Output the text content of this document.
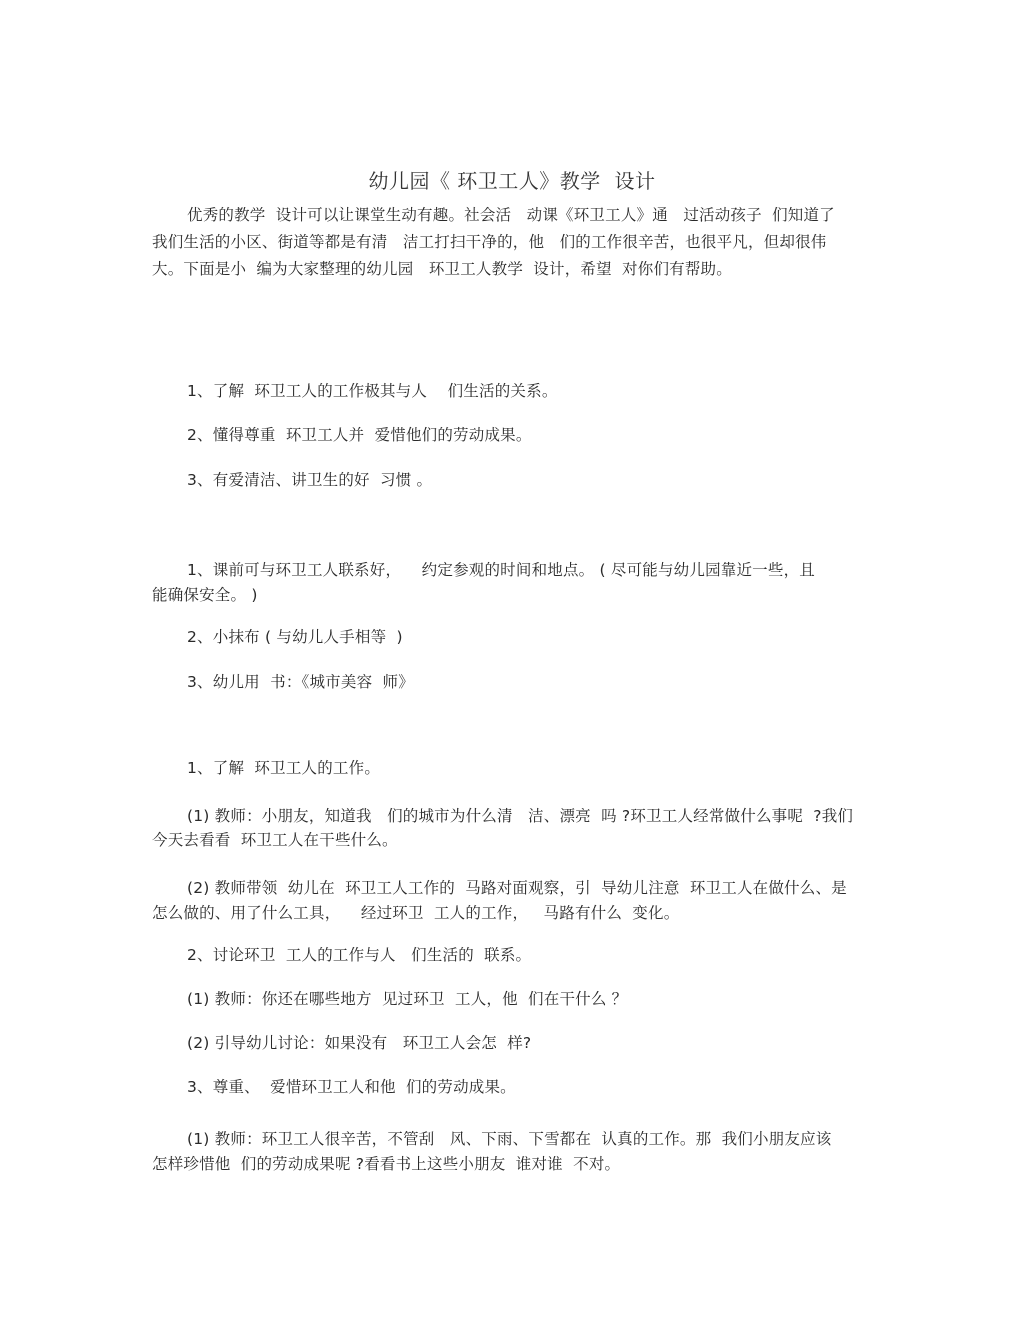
幼儿园《 环卫工人》教学  设计
优秀的教学  设计可以让课堂生动有趣。社会活   动课《环卫工人》通   过活动孩子  们知道了
我们生活的小区、街道等都是有清   洁工打扫干净的，他   们的工作很辛苦，也很平凡，但却很伟
大。下面是小  编为大家整理的幼儿园   环卫工人教学  设计，希望  对你们有帮助。
1、了解  环卫工人的工作极其与人    们生活的关系。
2、懂得尊重  环卫工人并  爱惜他们的劳动成果。
3、有爱清洁、讲卫生的好  习惯 。
1、课前可与环卫工人联系好，    约定参观的时间和地点。 ( 尽可能与幼儿园靠近一些，且
能确保安全。 )
2、小抹布 ( 与幼儿人手相等  )
3、幼儿用  书：《城市美容  师》
1、了解  环卫工人的工作。
(1) 教师：小朋友，知道我   们的城市为什么清   洁、漂亮  吗 ?环卫工人经常做什么事呢  ?我们
今天去看看  环卫工人在干些什么。
(2) 教师带领  幼儿在  环卫工人工作的  马路对面观察，引  导幼儿注意  环卫工人在做什么、是
怎么做的、用了什么工具，    经过环卫  工人的工作，   马路有什么  变化。
2、讨论环卫  工人的工作与人   们生活的  联系。
(1) 教师：你还在哪些地方  见过环卫  工人，他  们在干什么 ？
(2) 引导幼儿讨论：如果没有   环卫工人会怎  样?
3、尊重、  爱惜环卫工人和他  们的劳动成果。
(1) 教师：环卫工人很辛苦，不管刮   风、下雨、下雪都在  认真的工作。那  我们小朋友应该
怎样珍惜他  们的劳动成果呢 ?看看书上这些小朋友  谁对谁  不对。
